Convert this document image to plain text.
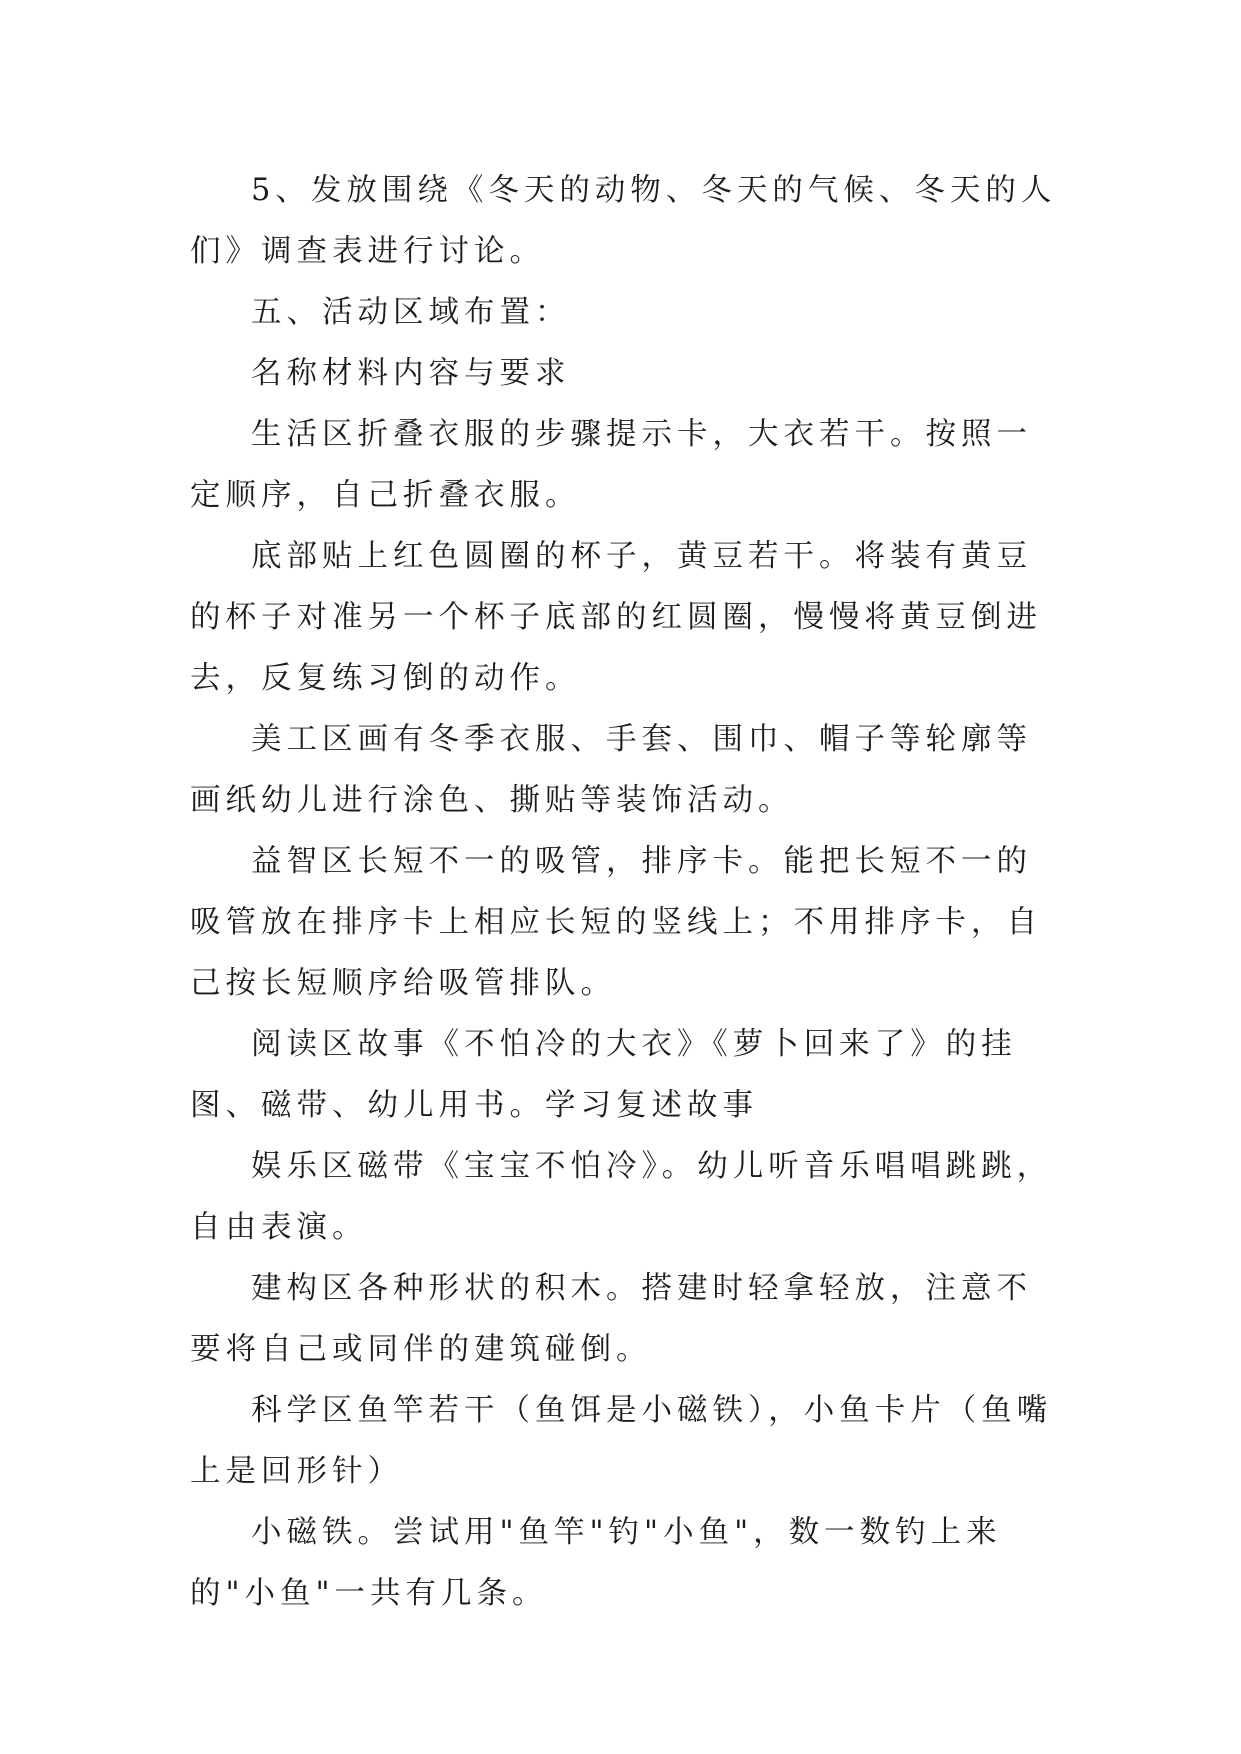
5、发放围绕《冬天的动物、冬天的气候、冬天的人们》调查表进行讨论。

五、活动区域布置：

名称材料内容与要求

生活区折叠衣服的步骤提示卡，大衣若干。按照一定顺序，自己折叠衣服。

底部贴上红色圆圈的杯子，黄豆若干。将装有黄豆的杯子对准另一个杯子底部的红圆圈，慢慢将黄豆倒进去，反复练习倒的动作。

美工区画有冬季衣服、手套、围巾、帽子等轮廓等画纸幼儿进行涂色、撕贴等装饰活动。

益智区长短不一的吸管，排序卡。能把长短不一的吸管放在排序卡上相应长短的竖线上；不用排序卡，自己按长短顺序给吸管排队。

阅读区故事《不怕冷的大衣》《萝卜回来了》的挂图、磁带、幼儿用书。学习复述故事

娱乐区磁带《宝宝不怕冷》。幼儿听音乐唱唱跳跳，自由表演。

建构区各种形状的积木。搭建时轻拿轻放，注意不要将自己或同伴的建筑碰倒。

科学区鱼竿若干（鱼饵是小磁铁），小鱼卡片（鱼嘴上是回形针）

小磁铁。尝试用"鱼竿"钓"小鱼"，数一数钓上来的"小鱼"一共有几条。
